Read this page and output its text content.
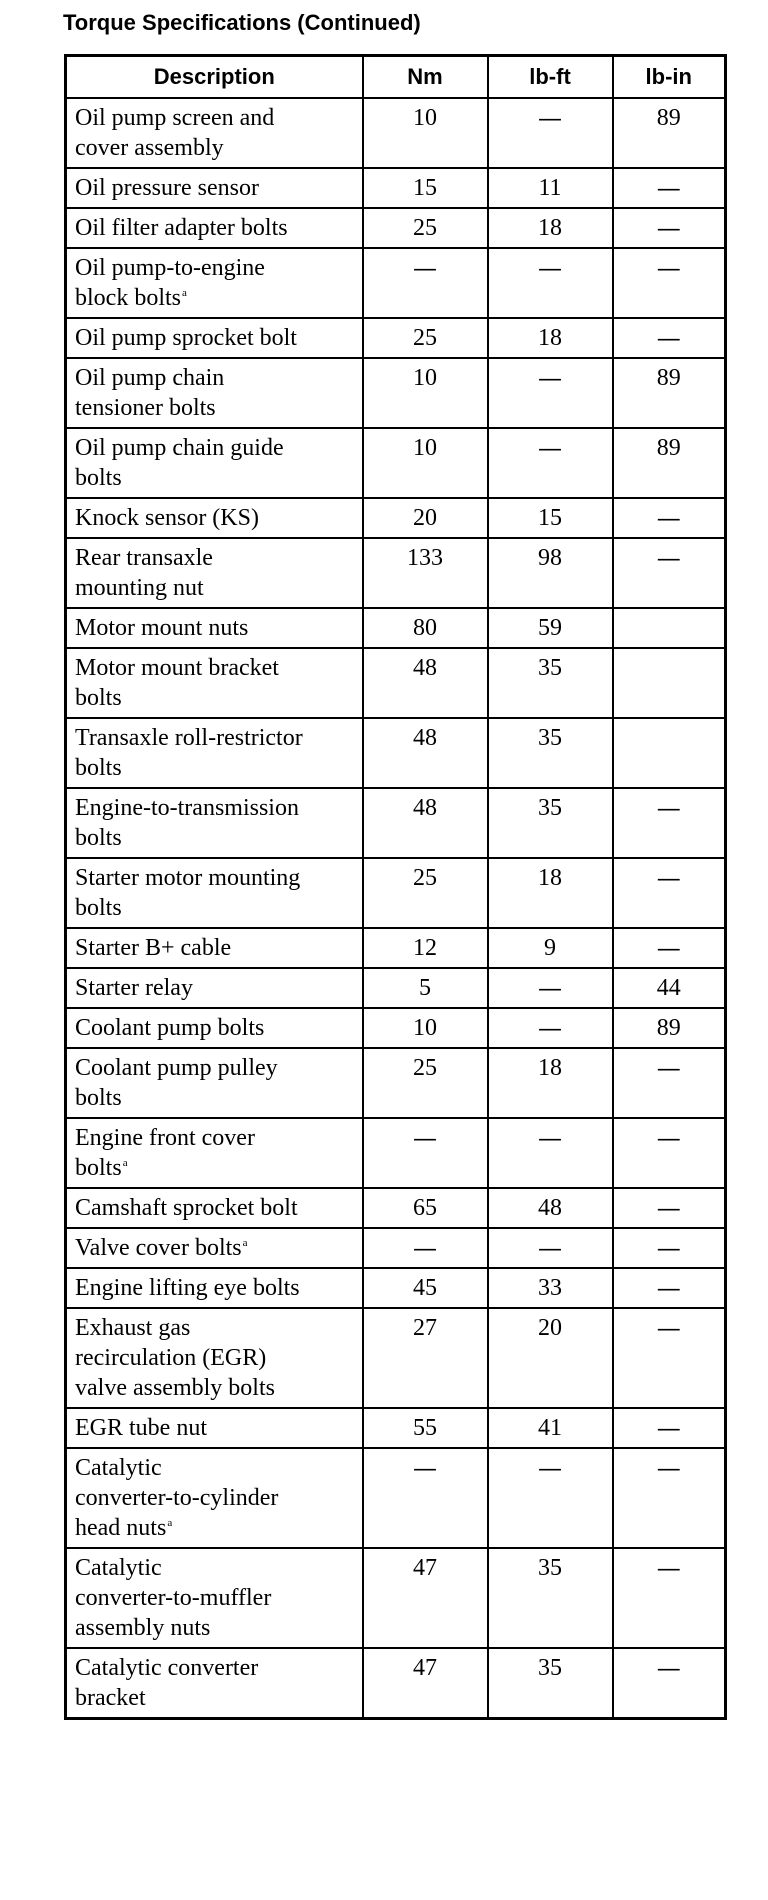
Torque Specifications (Continued)
Description	Nm	lb-ft	lb-in
Oil pump screen and
cover assembly	10	—	89
Oil pressure sensor	15	11	—
Oil filter adapter bolts	25	18	—
Oil pump-to-engine
block bolts$^a$	—	—	—
Oil pump sprocket bolt	25	18	—
Oil pump chain
tensioner bolts	10	—	89
Oil pump chain guide
bolts	10	—	89
Knock sensor (KS)	20	15	—
Rear transaxle
mounting nut	133	98	—
Motor mount nuts	80	59	
Motor mount bracket
bolts	48	35	
Transaxle roll-restrictor
bolts	48	35	
Engine-to-transmission
bolts	48	35	—
Starter motor mounting
bolts	25	18	—
Starter B+ cable	12	9	—
Starter relay	5	—	44
Coolant pump bolts	10	—	89
Coolant pump pulley
bolts	25	18	—
Engine front cover
bolts$^a$	—	—	—
Camshaft sprocket bolt	65	48	—
Valve cover bolts$^a$	—	—	—
Engine lifting eye bolts	45	33	—
Exhaust gas
recirculation (EGR)
valve assembly bolts	27	20	—
EGR tube nut	55	41	—
Catalytic
converter-to-cylinder
head nuts$^a$	—	—	—
Catalytic
converter-to-muffler
assembly nuts	47	35	—
Catalytic converter
bracket	47	35	—
